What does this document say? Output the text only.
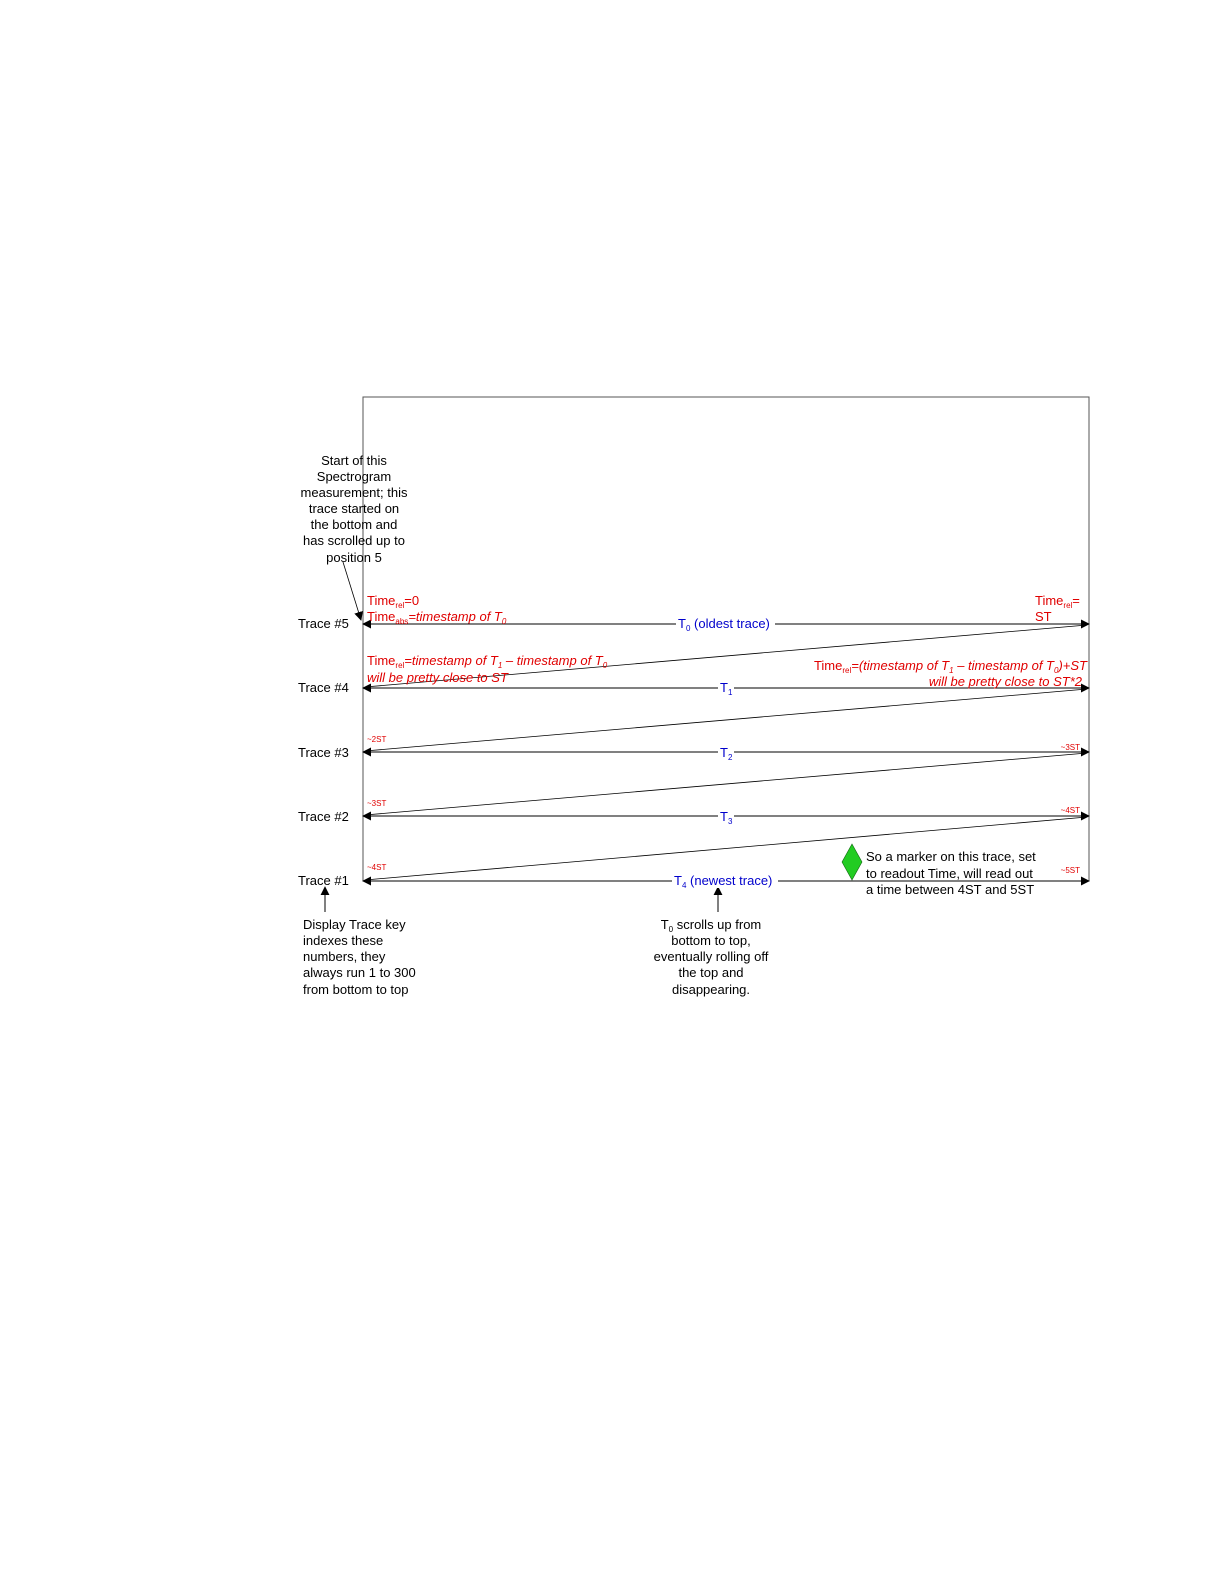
Trace #5
Trace #4
Trace #3
Trace #2
Trace #1
$T_0$ (oldest trace)
$T_1$
$T_2$
$T_3$
$T_4$ (newest trace)
Start of this
Spectrogram
measurement; this
trace started on
the bottom and
has scrolled up to
position 5
Time$_{rel}$=0
Time$_{abs}$=timestamp of $T_0$
Time$_{rel}$=
ST
Time$_{rel}$=timestamp of $T_1$ – timestamp of $T_0$
will be pretty close to ST
Time$_{rel}$=(timestamp of $T_1$ – timestamp of $T_0)+ST$
will be pretty close to ST*2
~2ST
~3ST
~3ST
~4ST
~4ST	~5ST
So a marker on this trace, set
to readout Time, will read out
a time between 4ST and 5ST
Display Trace key
indexes these
numbers, they
always run 1 to 300
from bottom to top
$T_0$ scrolls up from
bottom to top,
eventually rolling off
the top and
disappearing.
